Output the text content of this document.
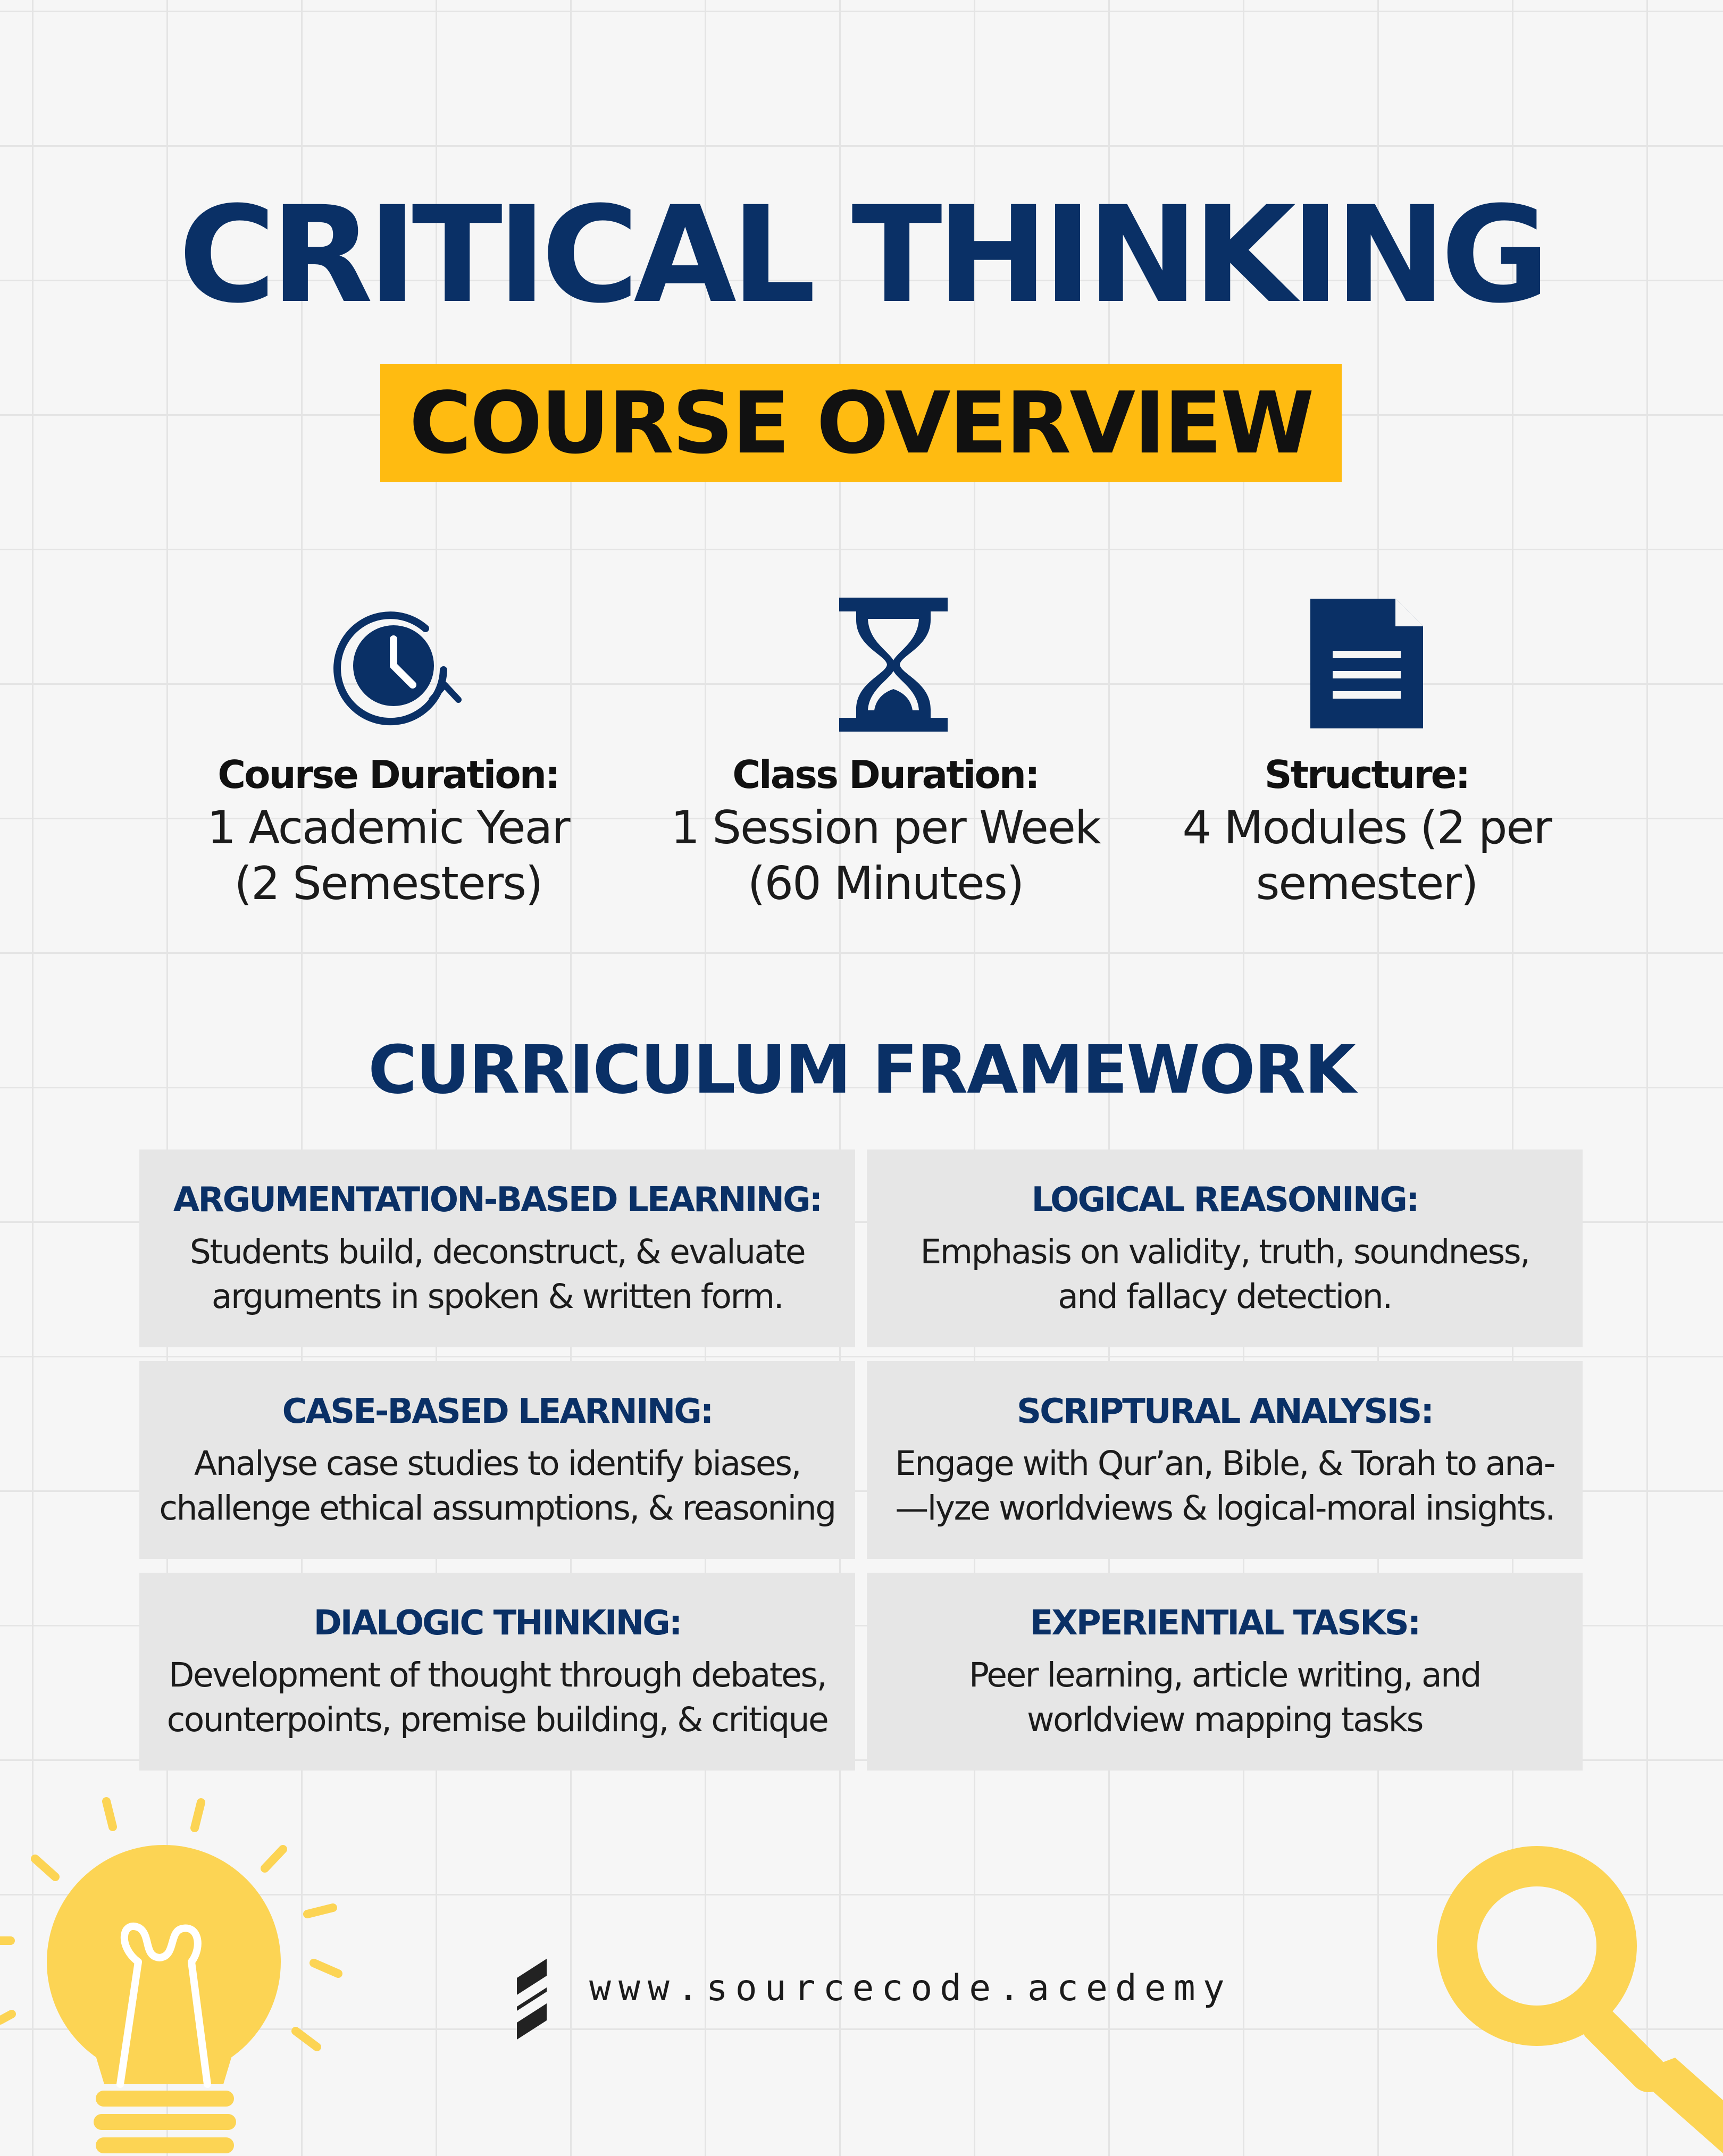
CRITICAL THINKING
COURSE OVERVIEW
Course Duration:
1 Academic Year
(2 Semesters)
Class Duration:
1 Session per Week
(60 Minutes)
Structure:
4 Modules (2 per
semester)
CURRICULUM FRAMEWORK
ARGUMENTATION-BASED LEARNING:
Students build, deconstruct, & evaluate
arguments in spoken & written form.
LOGICAL REASONING:
Emphasis on validity, truth, soundness,
and fallacy detection.
CASE-BASED LEARNING:
Analyse case studies to identify biases,
challenge ethical assumptions, & reasoning
SCRIPTURAL ANALYSIS:
Engage with Qur’an, Bible, & Torah to ana-
—lyze worldviews & logical-moral insights.
DIALOGIC THINKING:
Development of thought through debates,
counterpoints, premise building, & critique
EXPERIENTIAL TASKS:
Peer learning, article writing, and
worldview mapping tasks
www.sourcecode.acedemy
